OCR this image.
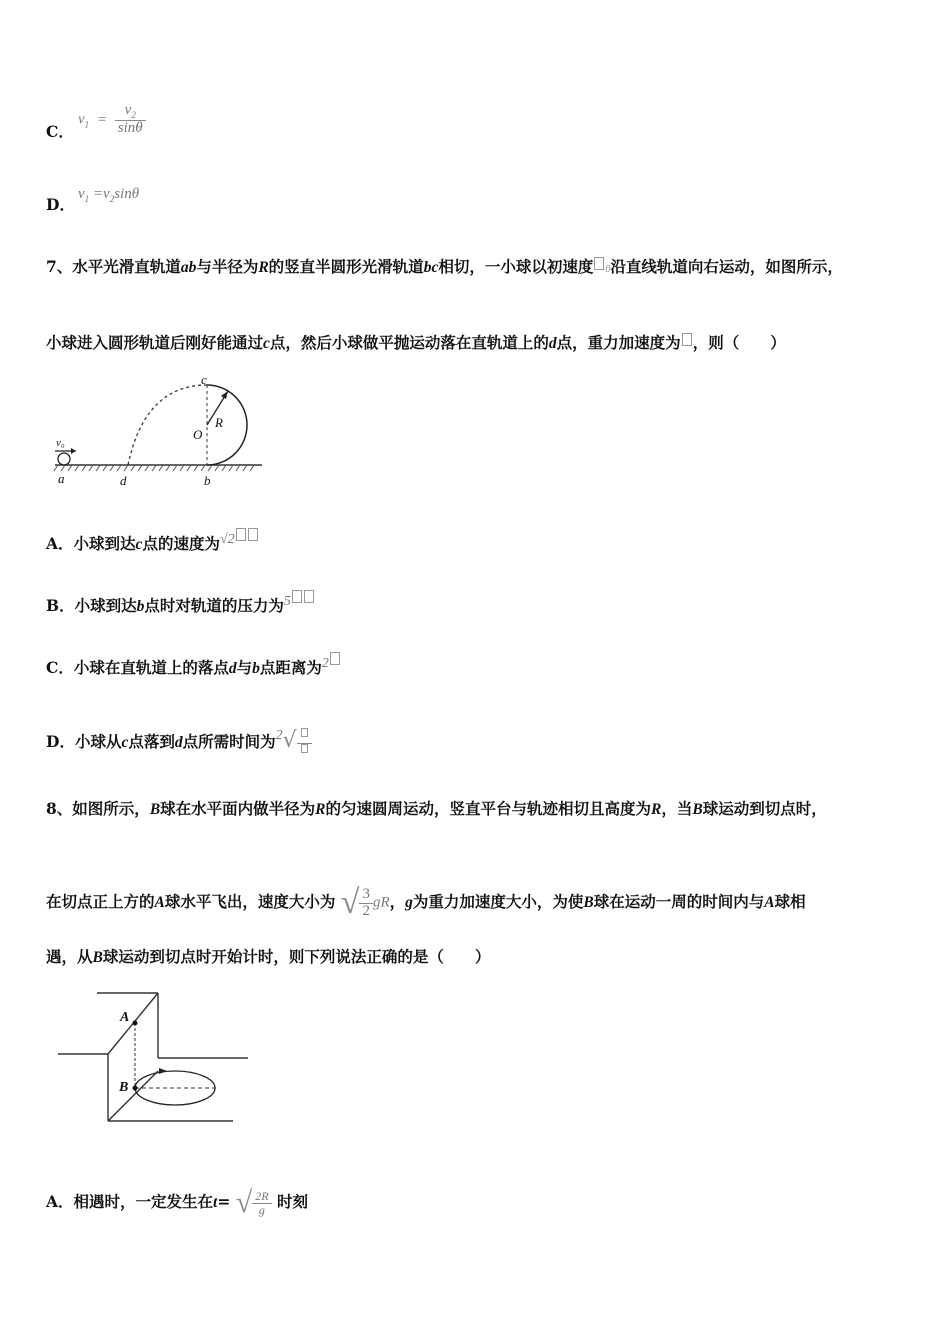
C．
$v_1 = \frac{v_2}{\sin\theta}$
D．
$v_1 =v_2\sin\theta$
7、水平光滑直轨道ab与半径为R的竖直半圆形光滑轨道bc相切，一小球以初速度 0沿直线轨道向右运动，如图所示，
小球进入圆形轨道后刚好能通过c点，然后小球做平抛运动落在直轨道上的d点，重力加速度为 ，则（　　）
v₀
a	d	b
c
O
R
A．小球到达c点的速度为√2
B．小球到达b点时对轨道的压力为5
C．小球在直轨道上的落点d与b点距离为2
D．小球从c点落到d点所需时间为2√
8、如图所示，B球在水平面内做半径为R的匀速圆周运动，竖直平台与轨迹相切且高度为R，当B球运动到切点时，
在切点正上方的A球水平飞出，速度大小为 √ $\frac{3}{2}$ gR，g为重力加速度大小，为使B球在运动一周的时间内与A球相
遇，从B球运动到切点时开始计时，则下列说法正确的是（　　）
A
B
A．相遇时，一定发生在t= √ $\frac{2R}{g}$ 时刻
